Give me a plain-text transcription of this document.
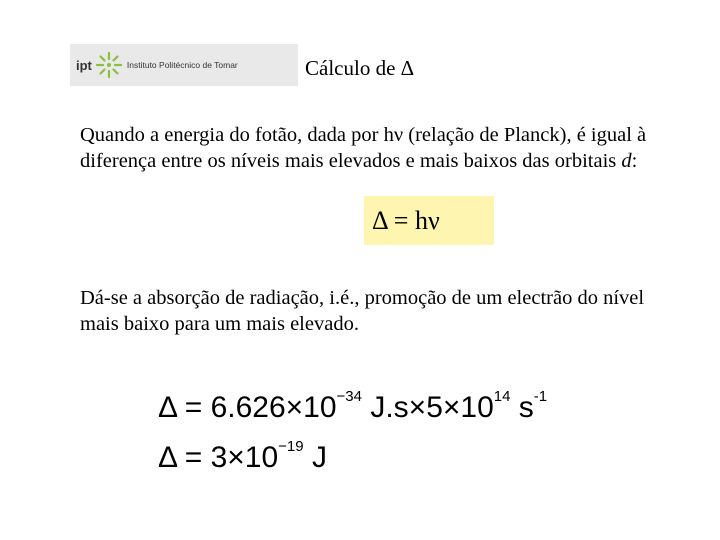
ipt	Instituto Politécnico de Tomar	Cálculo de Δ

Quando a energia do fotão, dada por hν (relação de Planck), é igual à diferença entre os níveis mais elevados e mais baixos das orbitais d:

Δ = hν

Dá-se a absorção de radiação, i.é., promoção de um electrão do nível mais baixo para um mais elevado.

$\Delta = 6.626\times 10^{-34}$ $J.s\times 5\times 10^{14}$ $s^{-1}$
$\Delta = 3\times 10^{-19}$ J
